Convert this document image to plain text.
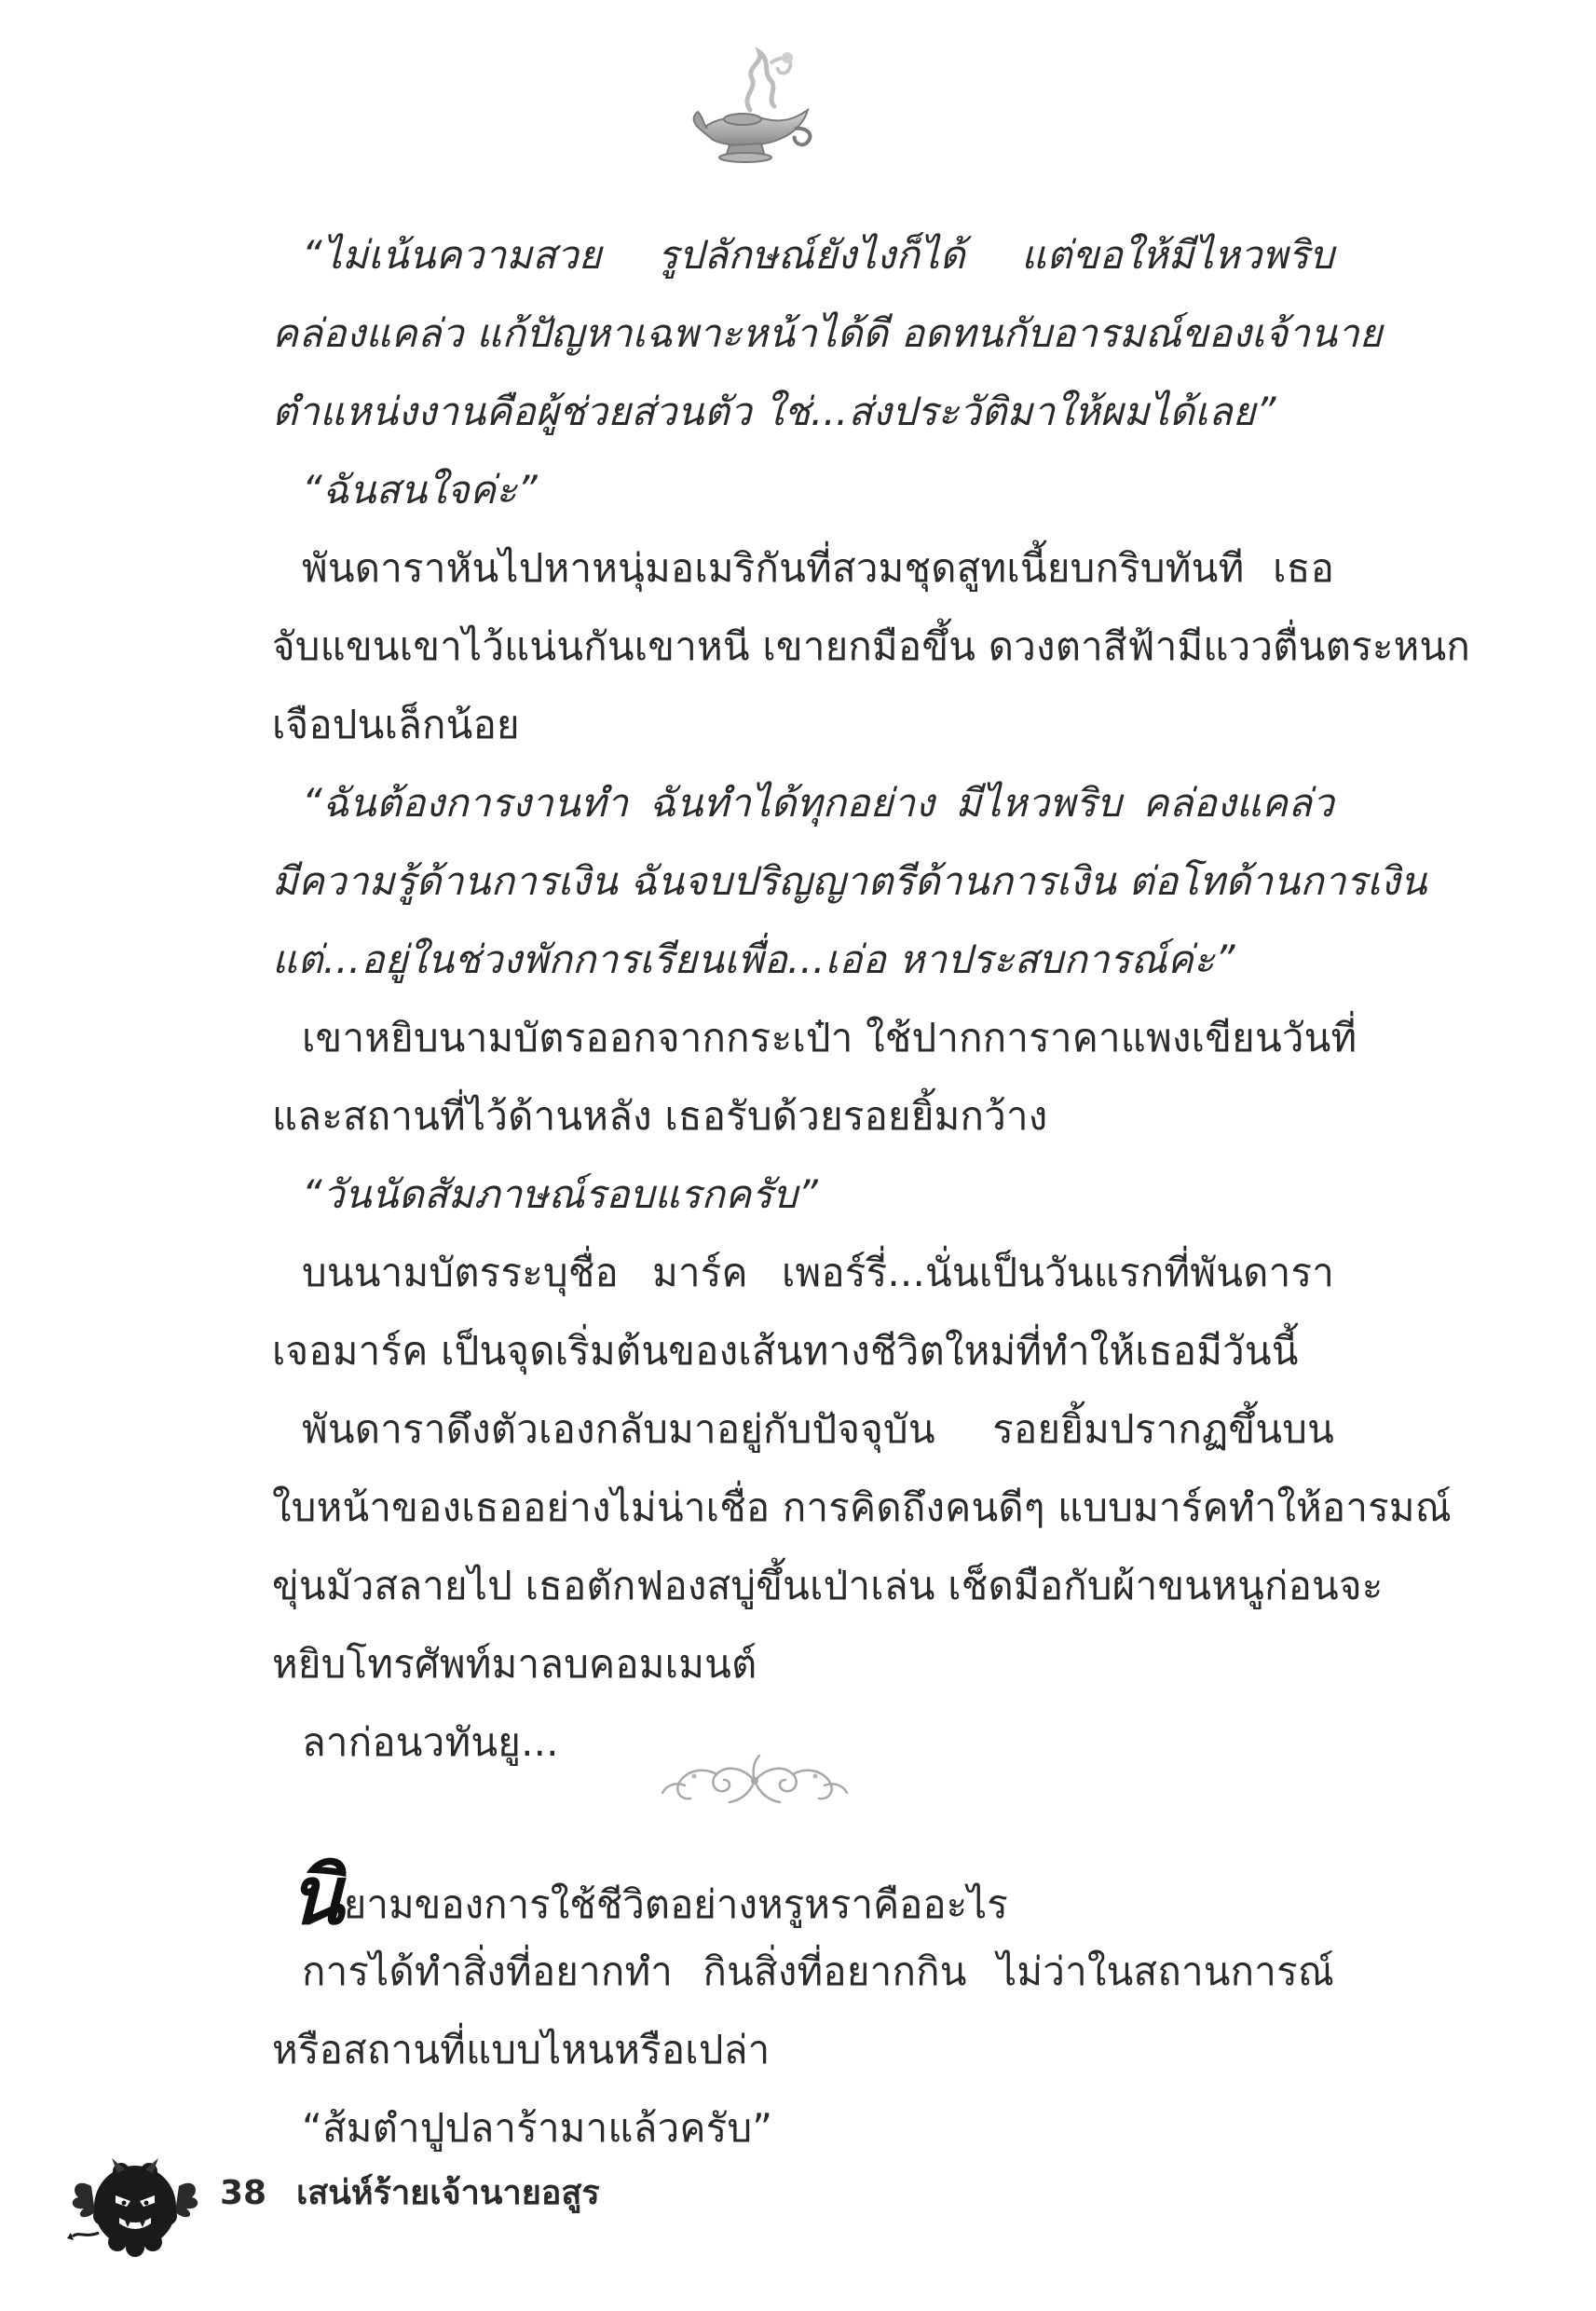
“ไม่เน้นความสวย รูปลักษณ์ยังไงก็ได้ แต่ขอให้มีไหวพริบ
คล่องแคล่ว แก้ปัญหาเฉพาะหน้าได้ดี อดทนกับอารมณ์ของเจ้านาย
ตำแหน่งงานคือผู้ช่วยส่วนตัว ใช่...ส่งประวัติมาให้ผมได้เลย”
“ฉันสนใจค่ะ”
พันดาราหันไปหาหนุ่มอเมริกันที่สวมชุดสูทเนี้ยบกริบทันที เธอ
จับแขนเขาไว้แน่นกันเขาหนี เขายกมือขึ้น ดวงตาสีฟ้ามีแววตื่นตระหนก
เจือปนเล็กน้อย
“ฉันต้องการงานทำ ฉันทำได้ทุกอย่าง มีไหวพริบ คล่องแคล่ว
มีความรู้ด้านการเงิน ฉันจบปริญญาตรีด้านการเงิน ต่อโทด้านการเงิน
แต่...อยู่ในช่วงพักการเรียนเพื่อ...เอ่อ หาประสบการณ์ค่ะ”
เขาหยิบนามบัตรออกจากกระเป๋า ใช้ปากการาคาแพงเขียนวันที่
และสถานที่ไว้ด้านหลัง เธอรับด้วยรอยยิ้มกว้าง
“วันนัดสัมภาษณ์รอบแรกครับ”
บนนามบัตรระบุชื่อ มาร์ค เพอร์รี่...นั่นเป็นวันแรกที่พันดารา
เจอมาร์ค เป็นจุดเริ่มต้นของเส้นทางชีวิตใหม่ที่ทำให้เธอมีวันนี้
พันดาราดึงตัวเองกลับมาอยู่กับปัจจุบัน รอยยิ้มปรากฏขึ้นบน
ใบหน้าของเธออย่างไม่น่าเชื่อ การคิดถึงคนดีๆ แบบมาร์คทำให้อารมณ์
ขุ่นมัวสลายไป เธอตักฟองสบู่ขึ้นเป่าเล่น เช็ดมือกับผ้าขนหนูก่อนจะ
หยิบโทรศัพท์มาลบคอมเมนต์
ลาก่อนวทันยู...
นิยามของการใช้ชีวิตอย่างหรูหราคืออะไร
การได้ทำสิ่งที่อยากทำ กินสิ่งที่อยากกิน ไม่ว่าในสถานการณ์
หรือสถานที่แบบไหนหรือเปล่า
“ส้มตำปูปลาร้ามาแล้วครับ”
38 เสน่ห์ร้ายเจ้านายอสูร
